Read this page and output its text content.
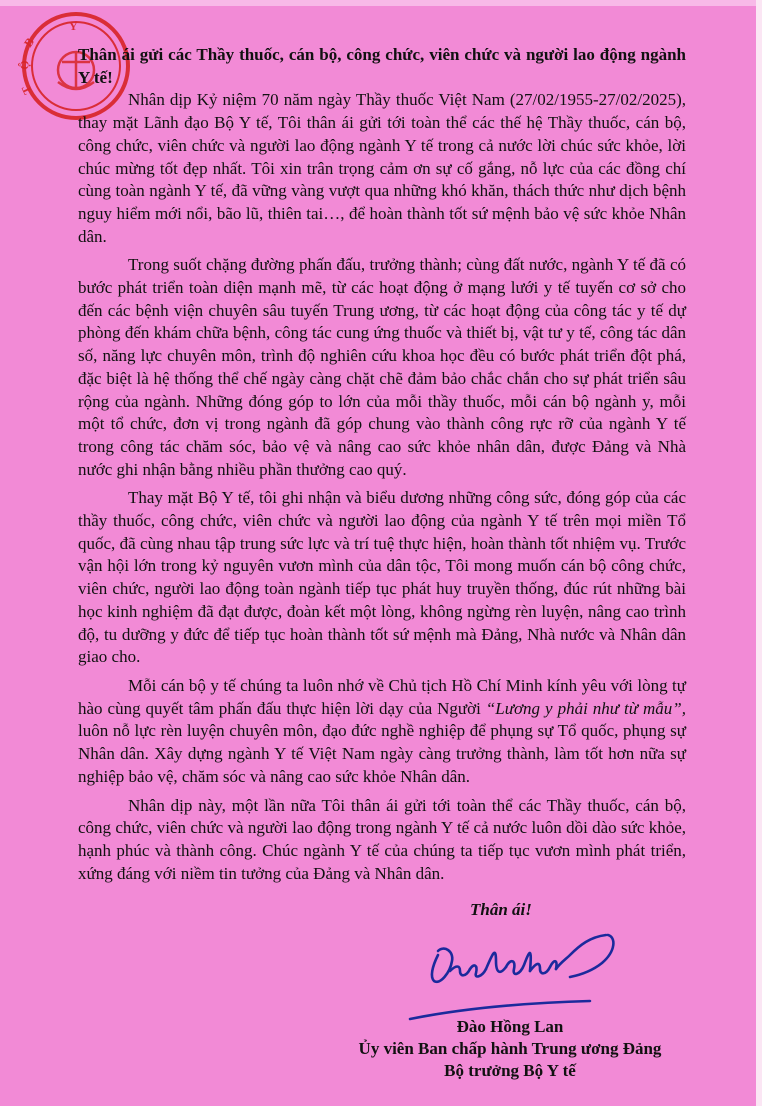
B
Ộ
Y
T

Thân ái gửi các Thầy thuốc, cán bộ, công chức, viên chức và người lao động ngành Y tế!

Nhân dịp Kỷ niệm 70 năm ngày Thầy thuốc Việt Nam (27/02/1955-27/02/2025), thay mặt Lãnh đạo Bộ Y tế, Tôi thân ái gửi tới toàn thể các thế hệ Thầy thuốc, cán bộ, công chức, viên chức và người lao động ngành Y tế trong cả nước lời chúc sức khỏe, lời chúc mừng tốt đẹp nhất. Tôi xin trân trọng cảm ơn sự cố gắng, nỗ lực của các đồng chí cùng toàn ngành Y tế, đã vững vàng vượt qua những khó khăn, thách thức như dịch bệnh nguy hiểm mới nổi, bão lũ, thiên tai…, để hoàn thành tốt sứ mệnh bảo vệ sức khỏe Nhân dân.

Trong suốt chặng đường phấn đấu, trưởng thành; cùng đất nước, ngành Y tế đã có bước phát triển toàn diện mạnh mẽ, từ các hoạt động ở mạng lưới y tế tuyến cơ sở cho đến các bệnh viện chuyên sâu tuyến Trung ương, từ các hoạt động của công tác y tế dự phòng đến khám chữa bệnh, công tác cung ứng thuốc và thiết bị, vật tư y tế, công tác dân số, năng lực chuyên môn, trình độ nghiên cứu khoa học đều có bước phát triển đột phá, đặc biệt là hệ thống thể chế ngày càng chặt chẽ đảm bảo chắc chắn cho sự phát triển sâu rộng của ngành. Những đóng góp to lớn của mỗi thầy thuốc, mỗi cán bộ ngành y, mỗi một tổ chức, đơn vị trong ngành đã góp chung vào thành công rực rỡ của ngành Y tế trong công tác chăm sóc, bảo vệ và nâng cao sức khỏe nhân dân, được Đảng và Nhà nước ghi nhận bằng nhiều phần thưởng cao quý.

Thay mặt Bộ Y tế, tôi ghi nhận và biểu dương những công sức, đóng góp của các thầy thuốc, công chức, viên chức và người lao động của ngành Y tế trên mọi miền Tổ quốc, đã cùng nhau tập trung sức lực và trí tuệ thực hiện, hoàn thành tốt nhiệm vụ. Trước vận hội lớn trong kỷ nguyên vươn mình của dân tộc, Tôi mong muốn cán bộ công chức, viên chức, người lao động toàn ngành tiếp tục phát huy truyền thống, đúc rút những bài học kinh nghiệm đã đạt được, đoàn kết một lòng, không ngừng rèn luyện, nâng cao trình độ, tu dưỡng y đức để tiếp tục hoàn thành tốt sứ mệnh mà Đảng, Nhà nước và Nhân dân giao cho.

Mỗi cán bộ y tế chúng ta luôn nhớ về Chủ tịch Hồ Chí Minh kính yêu với lòng tự hào cùng quyết tâm phấn đấu thực hiện lời dạy của Người “Lương y phải như từ mẫu”, luôn nỗ lực rèn luyện chuyên môn, đạo đức nghề nghiệp để phụng sự Tổ quốc, phụng sự Nhân dân. Xây dựng ngành Y tế Việt Nam ngày càng trưởng thành, làm tốt hơn nữa sự nghiệp bảo vệ, chăm sóc và nâng cao sức khỏe Nhân dân.

Nhân dịp này, một lần nữa Tôi thân ái gửi tới toàn thể các Thầy thuốc, cán bộ, công chức, viên chức và người lao động trong ngành Y tế cả nước luôn dồi dào sức khỏe, hạnh phúc và thành công. Chúc ngành Y tế của chúng ta tiếp tục vươn mình phát triển, xứng đáng với niềm tin tưởng của Đảng và Nhân dân.

Thân ái!
Đào Hồng Lan
Ủy viên Ban chấp hành Trung ương Đảng
Bộ trưởng Bộ Y tế
